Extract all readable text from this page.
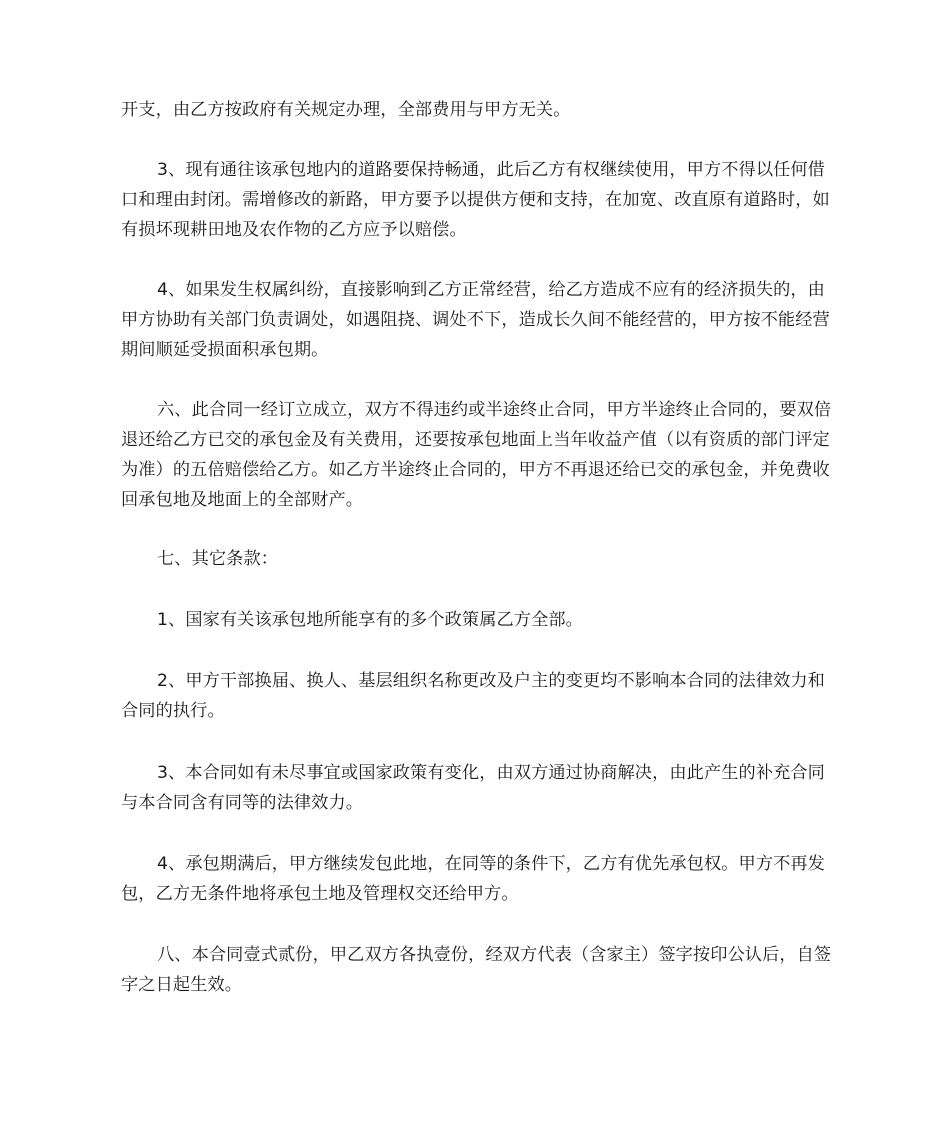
开支，由乙方按政府有关规定办理，全部费用与甲方无关。

3、现有通往该承包地内的道路要保持畅通，此后乙方有权继续使用，甲方不得以任何借口和理由封闭。需增修改的新路，甲方要予以提供方便和支持，在加宽、改直原有道路时，如有损坏现耕田地及农作物的乙方应予以赔偿。

4、如果发生权属纠纷，直接影响到乙方正常经营，给乙方造成不应有的经济损失的，由甲方协助有关部门负责调处，如遇阻挠、调处不下，造成长久间不能经营的，甲方按不能经营期间顺延受损面积承包期。

六、此合同一经订立成立，双方不得违约或半途终止合同，甲方半途终止合同的，要双倍退还给乙方已交的承包金及有关费用，还要按承包地面上当年收益产值（以有资质的部门评定为准）的五倍赔偿给乙方。如乙方半途终止合同的，甲方不再退还给已交的承包金，并免费收回承包地及地面上的全部财产。

七、其它条款：

1、国家有关该承包地所能享有的多个政策属乙方全部。

2、甲方干部换届、换人、基层组织名称更改及户主的变更均不影响本合同的法律效力和合同的执行。

3、本合同如有未尽事宜或国家政策有变化，由双方通过协商解决，由此产生的补充合同与本合同含有同等的法律效力。

4、承包期满后，甲方继续发包此地，在同等的条件下，乙方有优先承包权。甲方不再发包，乙方无条件地将承包土地及管理权交还给甲方。

八、本合同壹式贰份，甲乙双方各执壹份，经双方代表（含家主）签字按印公认后，自签字之日起生效。
